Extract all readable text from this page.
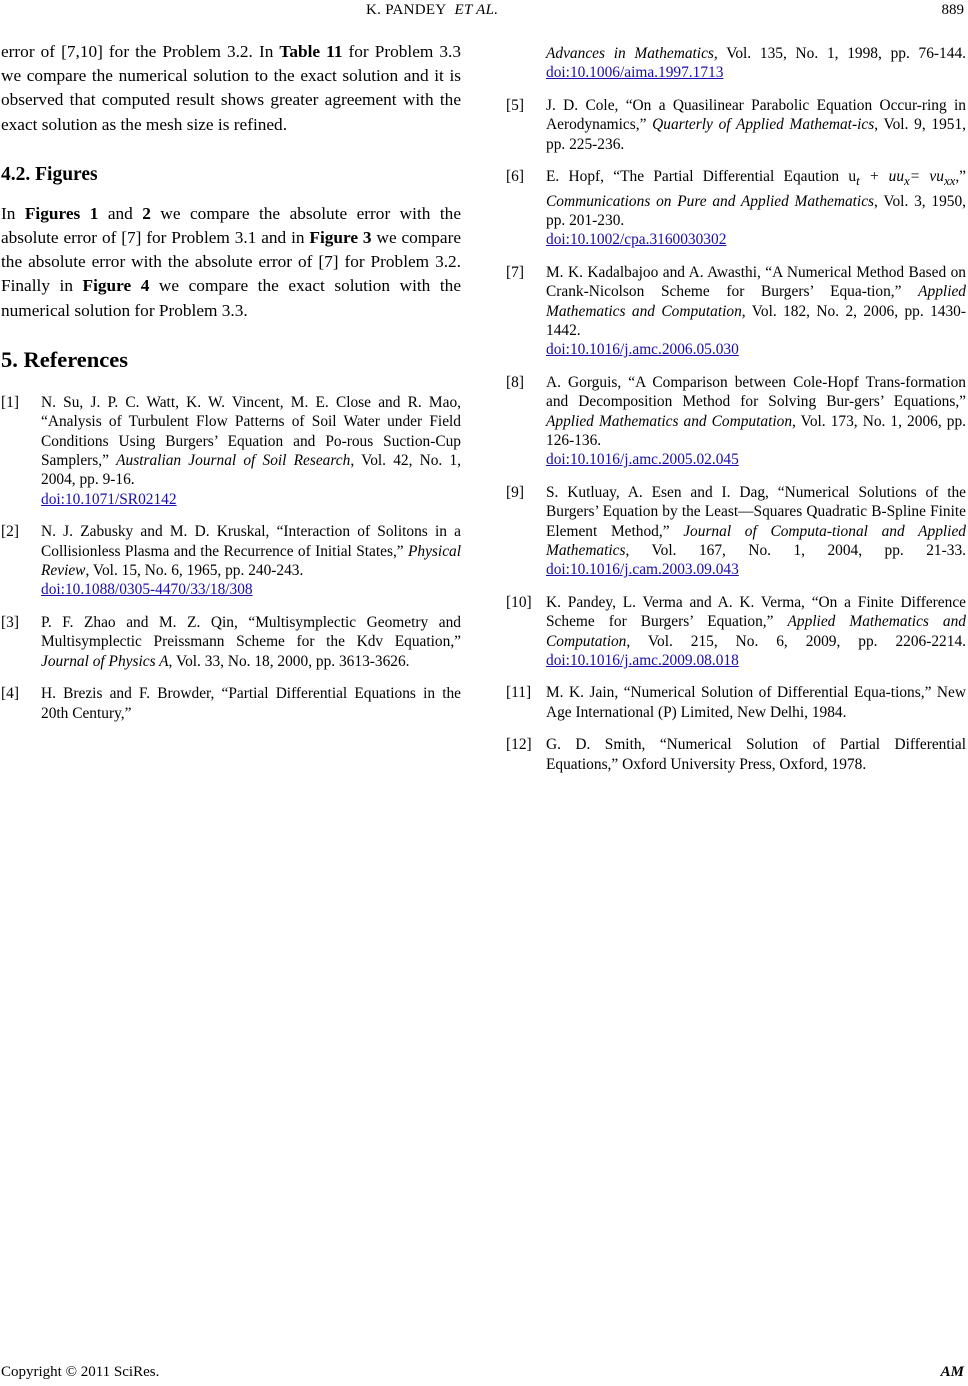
K. PANDEY ET AL.	889

error of [7,10] for the Problem 3.2. In Table 11 for Problem 3.3 we compare the numerical solution to the exact solution and it is observed that computed result shows greater agreement with the exact solution as the mesh size is refined.

4.2. Figures

In Figures 1 and 2 we compare the absolute error with the absolute error of [7] for Problem 3.1 and in Figure 3 we compare the absolute error with the absolute error of [7] for Problem 3.2. Finally in Figure 4 we compare the exact solution with the numerical solution for Problem 3.3.

5. References
[1] N. Su, J. P. C. Watt, K. W. Vincent, M. E. Close and R. Mao, “Analysis of Turbulent Flow Patterns of Soil Water under Field Conditions Using Burgers’ Equation and Po-rous Suction-Cup Samplers,” Australian Journal of Soil Research, Vol. 42, No. 1, 2004, pp. 9-16.
doi:10.1071/SR02142
[2] N. J. Zabusky and M. D. Kruskal, “Interaction of Solitons in a Collisionless Plasma and the Recurrence of Initial States,” Physical Review, Vol. 15, No. 6, 1965, pp. 240-243.
doi:10.1088/0305-4470/33/18/308
[3] P. F. Zhao and M. Z. Qin, “Multisymplectic Geometry and Multisymplectic Preissmann Scheme for the Kdv Equation,” Journal of Physics A, Vol. 33, No. 18, 2000, pp. 3613-3626.
[4] H. Brezis and F. Browder, “Partial Differential Equations in the 20th Century,”
Advances in Mathematics, Vol. 135, No. 1, 1998, pp. 76-144. doi:10.1006/aima.1997.1713
[5] J. D. Cole, “On a Quasilinear Parabolic Equation Occur-ring in Aerodynamics,” Quarterly of Applied Mathemat-ics, Vol. 9, 1951, pp. 225-236.
[6] E. Hopf, “The Partial Differential Eqaution $u_t + uu_x= \nu u_{xx}$,” Communications on Pure and Applied Mathematics, Vol. 3, 1950, pp. 201-230.
doi:10.1002/cpa.3160030302
[7] M. K. Kadalbajoo and A. Awasthi, “A Numerical Method Based on Crank-Nicolson Scheme for Burgers’ Equa-tion,” Applied Mathematics and Computation, Vol. 182, No. 2, 2006, pp. 1430-1442.
doi:10.1016/j.amc.2006.05.030
[8] A. Gorguis, “A Comparison between Cole-Hopf Trans-formation and Decomposition Method for Solving Bur-gers’ Equations,” Applied Mathematics and Computation, Vol. 173, No. 1, 2006, pp. 126-136.
doi:10.1016/j.amc.2005.02.045
[9] S. Kutluay, A. Esen and I. Dag, “Numerical Solutions of the Burgers’ Equation by the Least—Squares Quadratic B-Spline Finite Element Method,” Journal of Computa-tional and Applied Mathematics, Vol. 167, No. 1, 2004, pp. 21-33. doi:10.1016/j.cam.2003.09.043
[10] K. Pandey, L. Verma and A. K. Verma, “On a Finite Difference Scheme for Burgers’ Equation,” Applied Mathematics and Computation, Vol. 215, No. 6, 2009, pp. 2206-2214. doi:10.1016/j.amc.2009.08.018
[11] M. K. Jain, “Numerical Solution of Differential Equa-tions,” New Age International (P) Limited, New Delhi, 1984.
[12] G. D. Smith, “Numerical Solution of Partial Differential Equations,” Oxford University Press, Oxford, 1978.
Copyright © 2011 SciRes.	AM
